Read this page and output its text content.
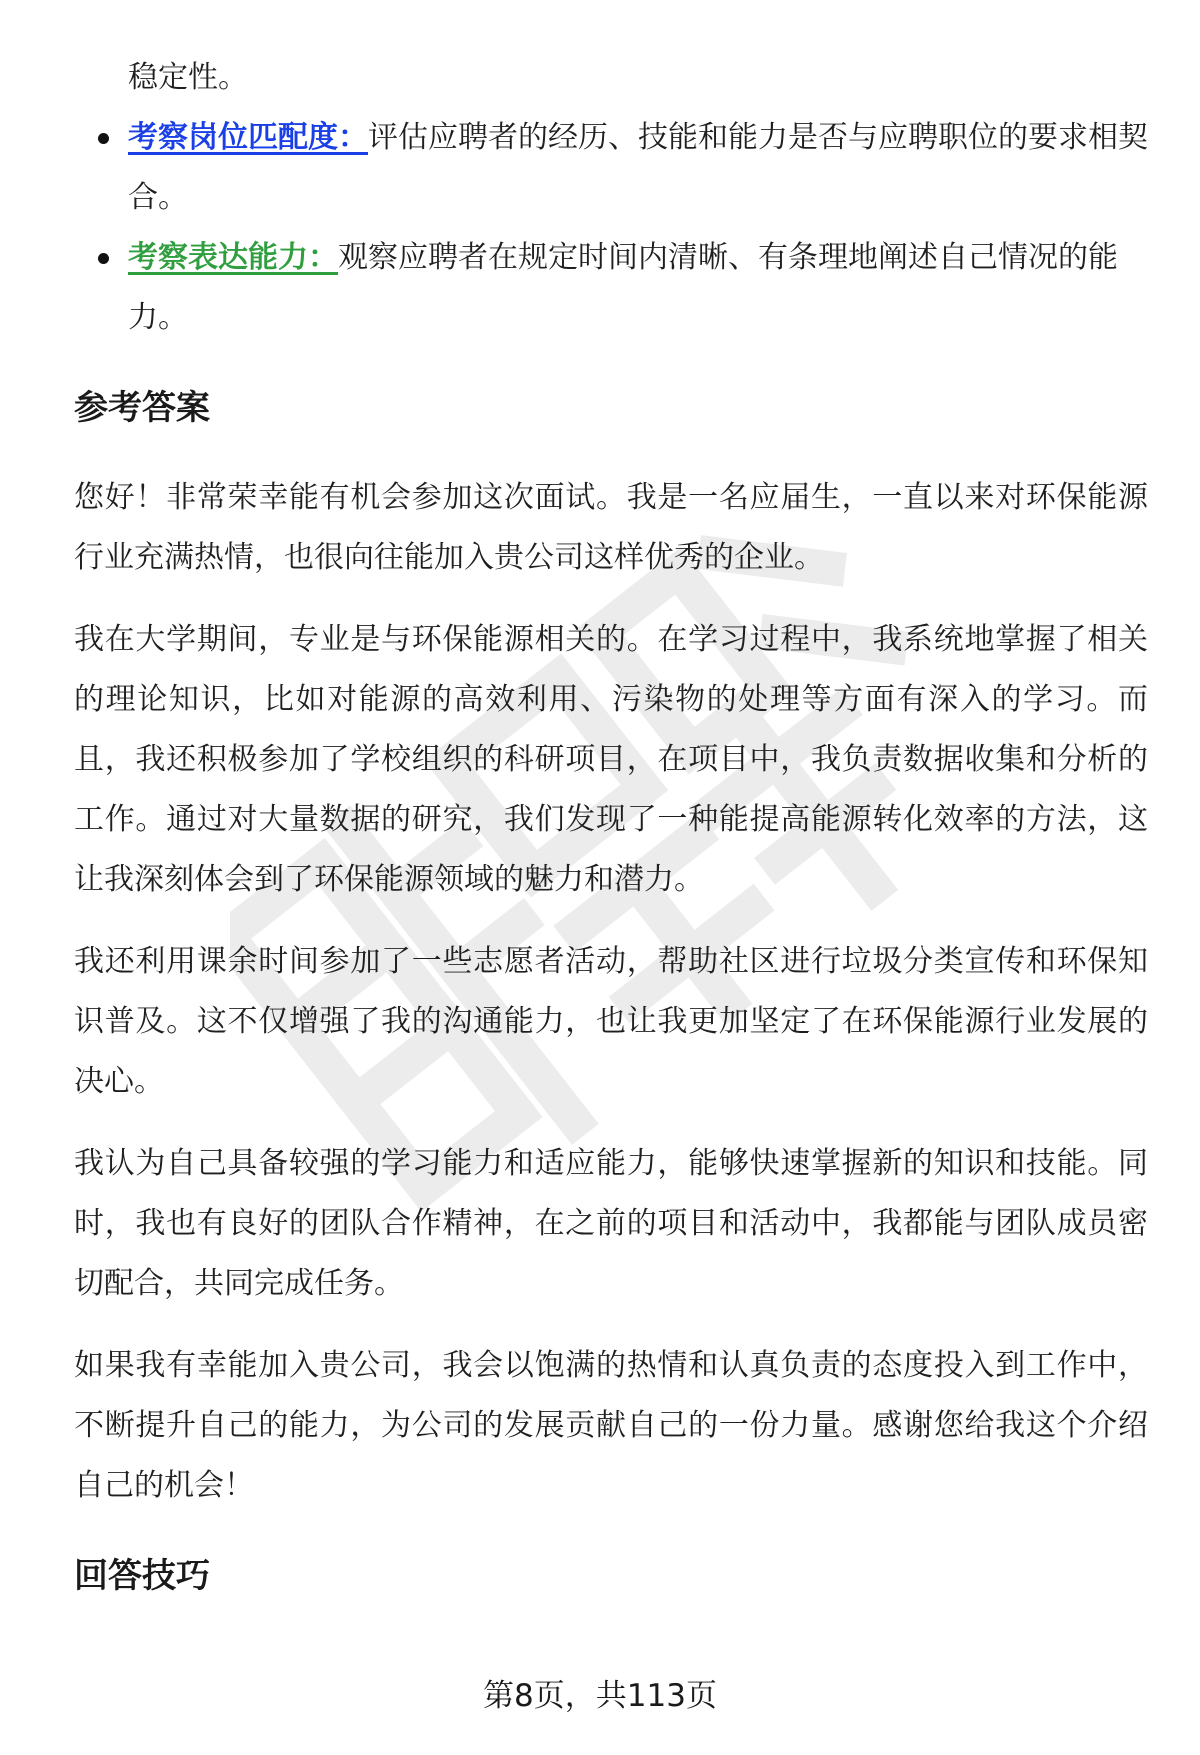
稳定性。
考察岗位匹配度：评估应聘者的经历、技能和能力是否与应聘职位的要求相契
合。
考察表达能力：观察应聘者在规定时间内清晰、有条理地阐述自己情况的能
力。
参考答案

您好！非常荣幸能有机会参加这次面试。我是一名应届生，一直以来对环保能源行业充满热情，也很向往能加入贵公司这样优秀的企业。

我在大学期间，专业是与环保能源相关的。在学习过程中，我系统地掌握了相关的理论知识，比如对能源的高效利用、污染物的处理等方面有深入的学习。而且，我还积极参加了学校组织的科研项目，在项目中，我负责数据收集和分析的工作。通过对大量数据的研究，我们发现了一种能提高能源转化效率的方法，这让我深刻体会到了环保能源领域的魅力和潜力。

我还利用课余时间参加了一些志愿者活动，帮助社区进行垃圾分类宣传和环保知识普及。这不仅增强了我的沟通能力，也让我更加坚定了在环保能源行业发展的决心。

我认为自己具备较强的学习能力和适应能力，能够快速掌握新的知识和技能。同时，我也有良好的团队合作精神，在之前的项目和活动中，我都能与团队成员密切配合，共同完成任务。

如果我有幸能加入贵公司，我会以饱满的热情和认真负责的态度投入到工作中，不断提升自己的能力，为公司的发展贡献自己的一份力量。感谢您给我这个介绍自己的机会！

回答技巧
第8页，共113页
